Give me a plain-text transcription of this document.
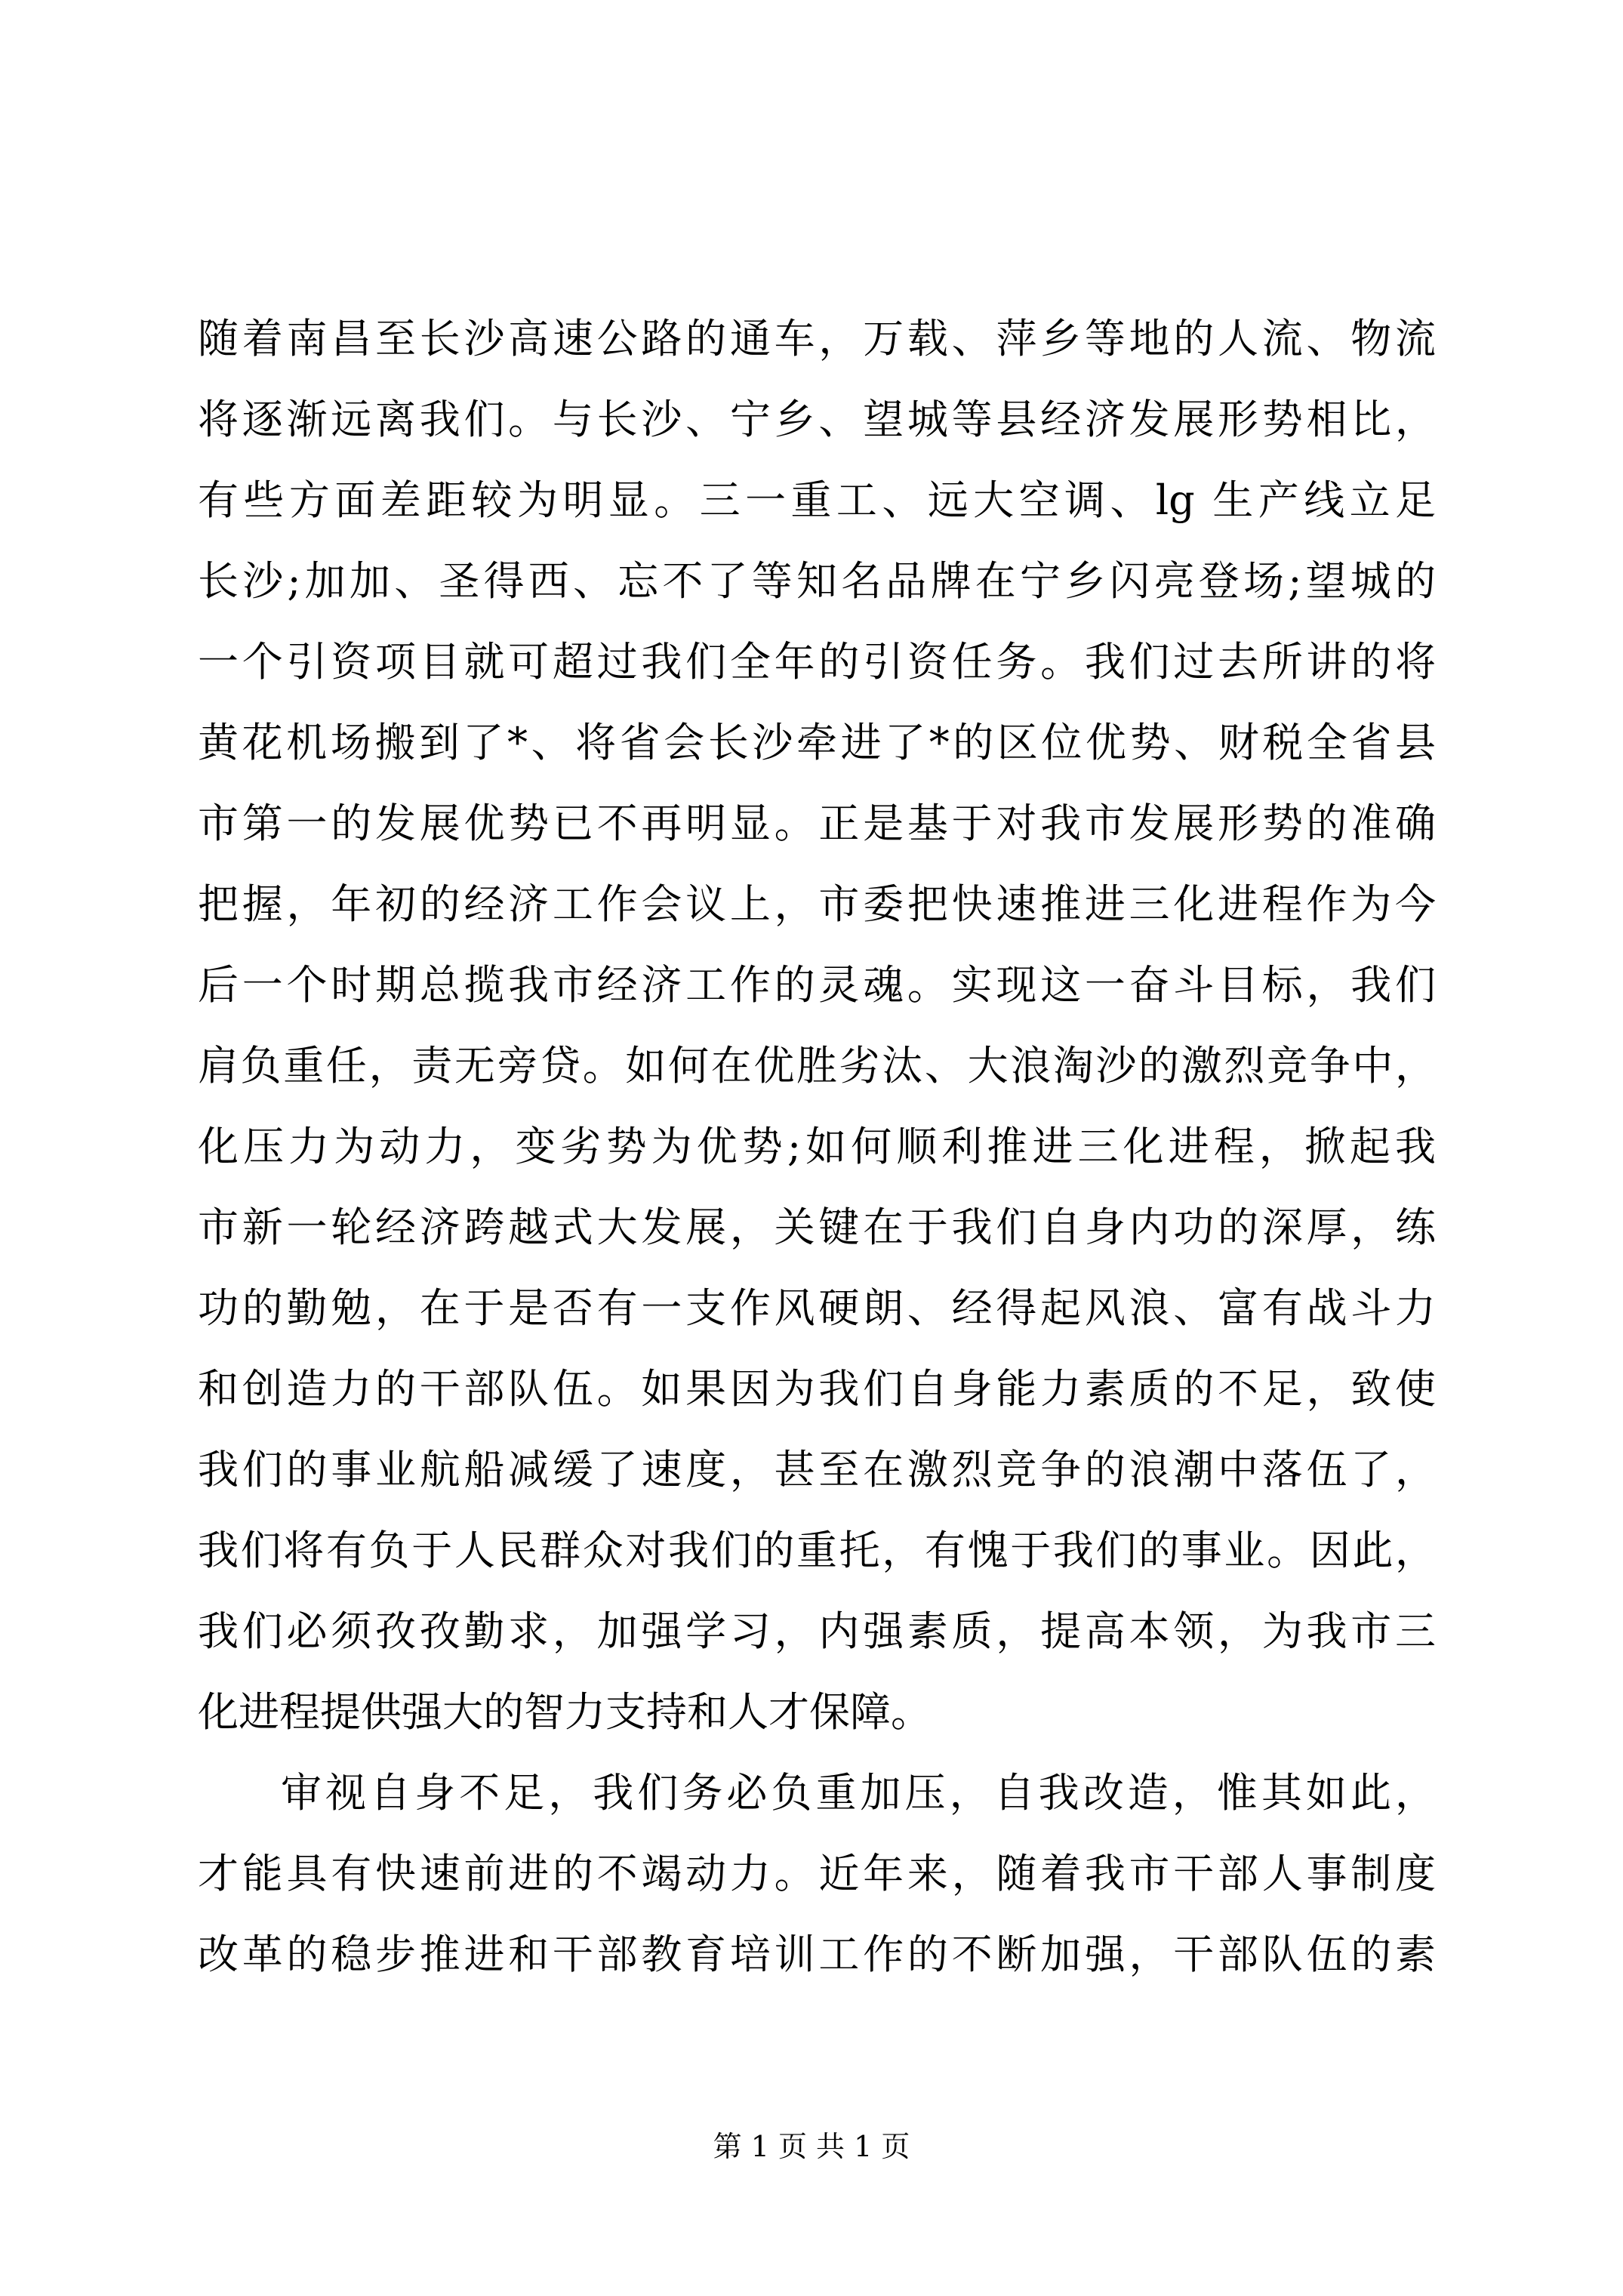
随着南昌至长沙高速公路的通车，万载、萍乡等地的人流、物流
将逐渐远离我们。与长沙、宁乡、望城等县经济发展形势相比，
有些方面差距较为明显。三一重工、远大空调、lg 生产线立足
长沙;加加、圣得西、忘不了等知名品牌在宁乡闪亮登场;望城的
一个引资项目就可超过我们全年的引资任务。我们过去所讲的将
黄花机场搬到了*、将省会长沙牵进了*的区位优势、财税全省县
市第一的发展优势已不再明显。正是基于对我市发展形势的准确
把握，年初的经济工作会议上，市委把快速推进三化进程作为今
后一个时期总揽我市经济工作的灵魂。实现这一奋斗目标，我们
肩负重任，责无旁贷。如何在优胜劣汰、大浪淘沙的激烈竞争中，
化压力为动力，变劣势为优势;如何顺利推进三化进程，掀起我
市新一轮经济跨越式大发展，关键在于我们自身内功的深厚，练
功的勤勉，在于是否有一支作风硬朗、经得起风浪、富有战斗力
和创造力的干部队伍。如果因为我们自身能力素质的不足，致使
我们的事业航船减缓了速度，甚至在激烈竞争的浪潮中落伍了，
我们将有负于人民群众对我们的重托，有愧于我们的事业。因此，
我们必须孜孜勤求，加强学习，内强素质，提高本领，为我市三
化进程提供强大的智力支持和人才保障。
审视自身不足，我们务必负重加压，自我改造，惟其如此，
才能具有快速前进的不竭动力。近年来，随着我市干部人事制度
改革的稳步推进和干部教育培训工作的不断加强，干部队伍的素
第 1 页 共 1 页
